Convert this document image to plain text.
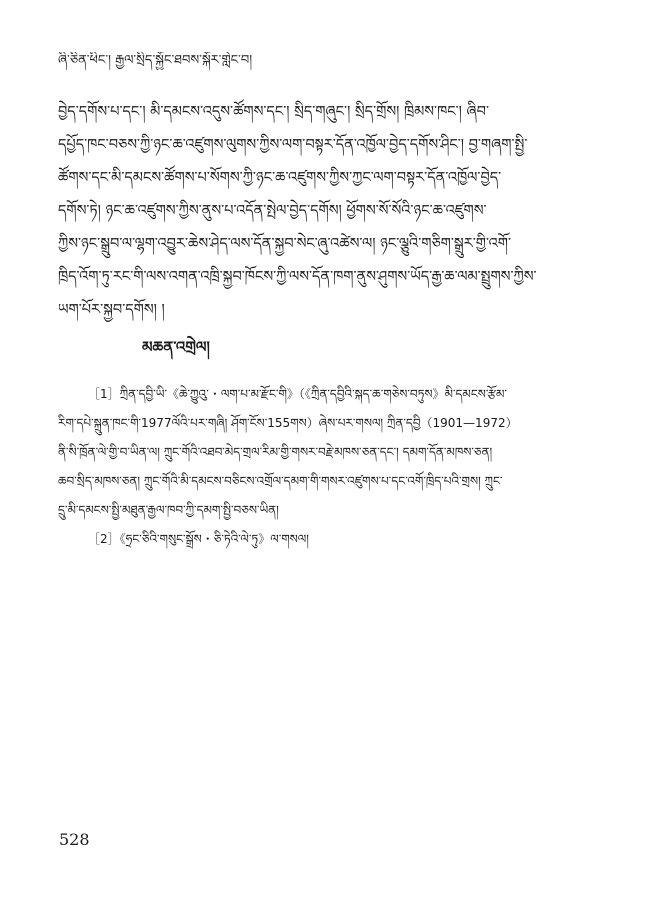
ཞི་ཅིན་ཕིང་། རྒྱལ་སྲིད་སྐྱོང་ཐབས་སྐོར་གླེང་བ།
བྱེད་དགོས་པ་དང་། མི་དམངས་འདུས་ཚོགས་དང་། སྲིད་གཞུང་། སྲིད་གྲོས། ཁྲིམས་ཁང་། ཞིབ་
དཔྱོད་ཁང་བཅས་ཀྱི་ཉང་ཆ་འཛུགས་ལུགས་ཀྱིས་ལག་བསྟར་དོན་འཁྱོལ་བྱེད་དགོས་ཤིང་། བྱ་གཞག་སྤྱི་
ཚོགས་དང་མི་དམངས་ཚོགས་པ་སོགས་ཀྱི་ཉང་ཆ་འཛུགས་ཀྱིས་ཀྱང་ལག་བསྟར་དོན་འཁྱོལ་བྱེད་
དགོས་ཏེ། ཉང་ཆ་འཛུགས་ཀྱིས་ནུས་པ་འདོན་སྤེལ་བྱེད་དགོས། ཕྱོགས་སོ་སོའི་ཉང་ཆ་འཛུགས་
ཀྱིས་ཉང་སྒྲུབ་ལ་ལྷག་འབྱུར་ཆེས་ཤེད་ལས་དོན་སྐྱབ་སེང་ཞུ་འཚེས་ལ། ཉང་ལྕུའི་གཅིག་སྒྲུར་གྱི་འགོ་
ཁྲིད་འོག་ཏུ་རང་གི་ལས་འགན་འཁྲི་སྐྱབ་ཁོངས་ཀྱི་ལས་དོན་ཁག་ནུས་ཤུགས་ཡོད་རྒྱ་ཆ་ལམ་སྤྲུགས་ཀྱིས་
ཡག་པོར་སྐྱབ་དགོས། །
མཆན་འགྲེལ།
［1］ཀྲིན་དབྱི་ཡི་《ཆེ་ཀྱུའུ་・ལག་པ་མ་རྫོང་གི》（《ཀྲིན་དབྱིའི་སྐད་ཆ་གཅེས་བཏུས》མི་དམངས་རྩོམ་
རིག་དཔེ་སྐྲུན་ཁང་གི་1977ལོའི་པར་གཞི། ཤོག་ངོས་155གས）ཞེས་པར་གསལ། ཀྲིན་དབྱི（1901—1972）
ནི་སི་ཁྲོན་ལེ་གྱི་བ་ཡིན་ལ། ཀྲུང་གོའི་འཐབ་མེད་གྲལ་རིམ་གྱི་གསར་བརྗེ་མཁས་ཅན་དང་། དམག་དོན་མཁས་ཅན།
ཆབ་སྲིད་མཁས་ཅན། ཀྲུང་གོའི་མི་དམངས་བཅིངས་འགྲོལ་དམག་གི་གསར་འཛུགས་པ་དང་འགོ་ཁྲིད་པའི་གྲས། ཀྲུང་
དྲུ་མི་དམངས་སྤྱི་མཐུན་རྒྱལ་ཁབ་ཀྱི་དམག་སྤྱི་བཅས་ཡིན།
［2］《ཧྲང་ཅིའི་གསུང་སྒྲོས・ཅི་ཏེའི་ལེ་ཏུ》ལ་གསལ།
528
